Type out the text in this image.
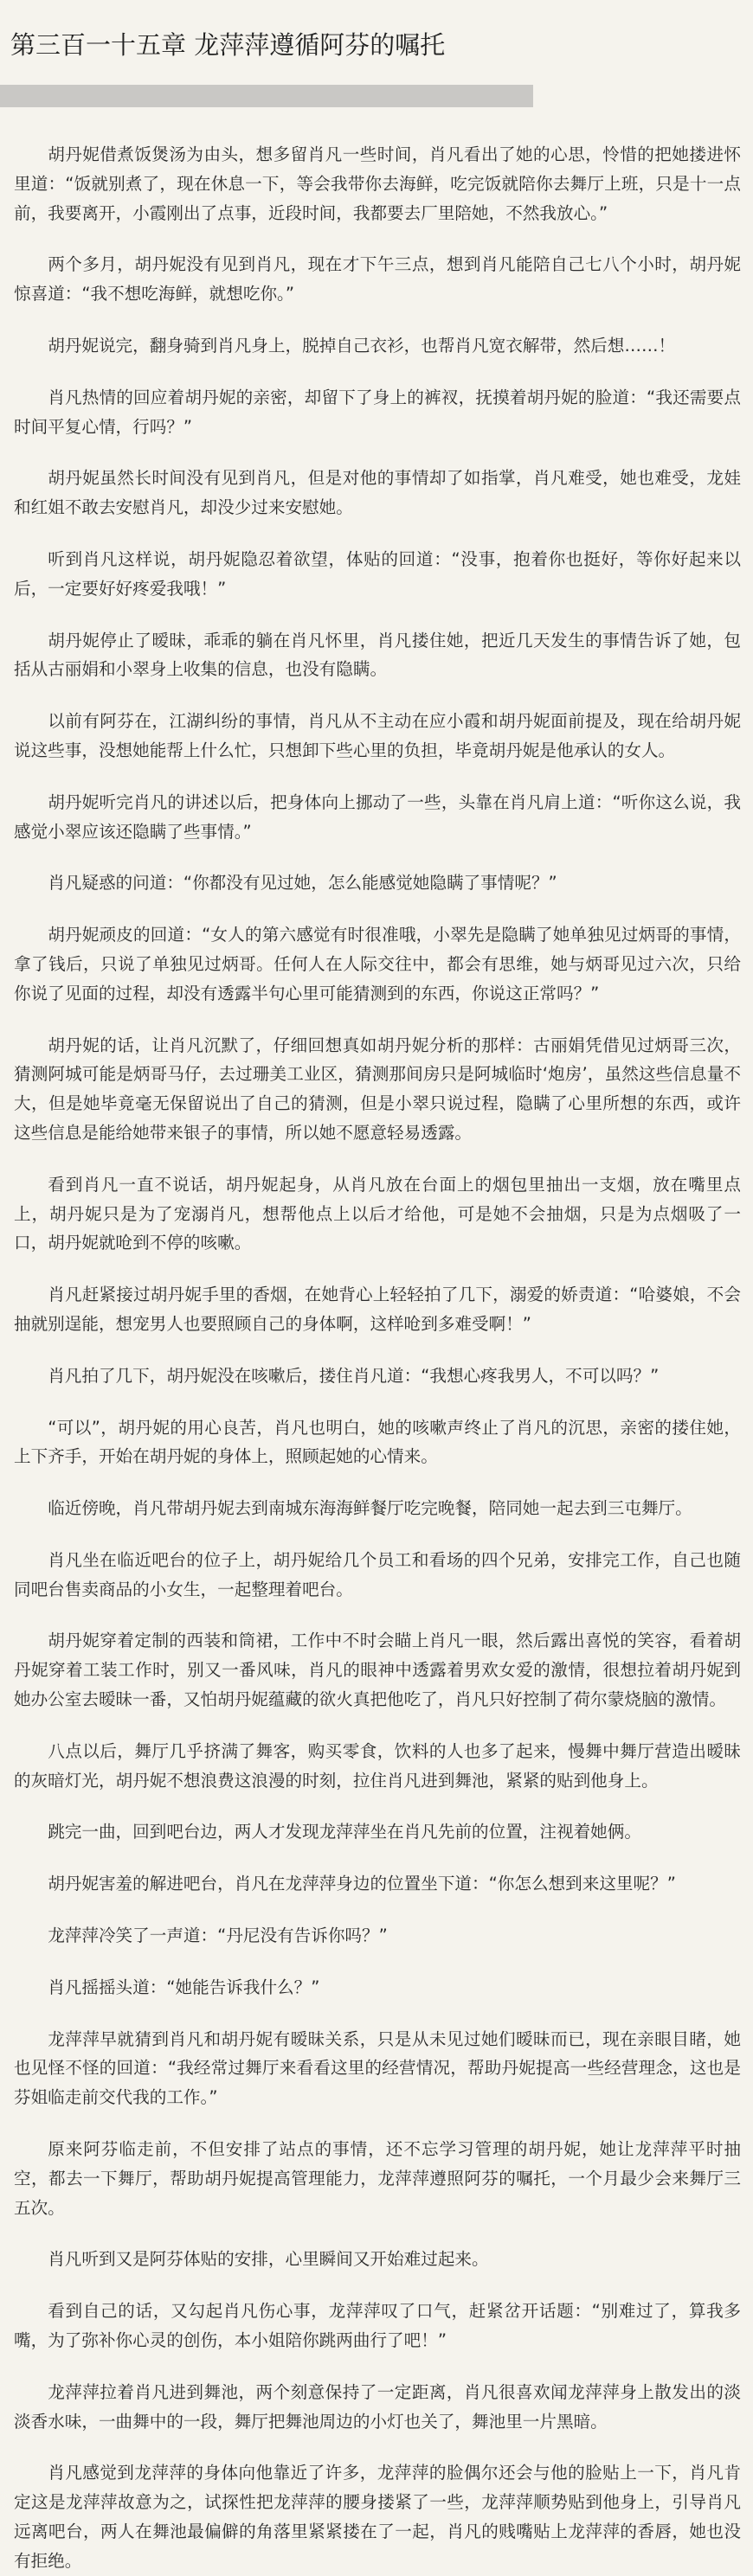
第三百一十五章 龙萍萍遵循阿芬的嘱托

胡丹妮借煮饭煲汤为由头，想多留肖凡一些时间，肖凡看出了她的心思，怜惜的把她搂进怀里道：“饭就别煮了，现在休息一下，等会我带你去海鲜，吃完饭就陪你去舞厅上班，只是十一点前，我要离开，小霞刚出了点事，近段时间，我都要去厂里陪她，不然我放心。”

两个多月，胡丹妮没有见到肖凡，现在才下午三点，想到肖凡能陪自己七八个小时，胡丹妮惊喜道：“我不想吃海鲜，就想吃你。”

胡丹妮说完，翻身骑到肖凡身上，脱掉自己衣衫，也帮肖凡宽衣解带，然后想……！

肖凡热情的回应着胡丹妮的亲密，却留下了身上的裤衩，抚摸着胡丹妮的脸道：“我还需要点时间平复心情，行吗？”

胡丹妮虽然长时间没有见到肖凡，但是对他的事情却了如指掌，肖凡难受，她也难受，龙娃和红姐不敢去安慰肖凡，却没少过来安慰她。

听到肖凡这样说，胡丹妮隐忍着欲望，体贴的回道：“没事，抱着你也挺好，等你好起来以后，一定要好好疼爱我哦！”

胡丹妮停止了暧昧，乖乖的躺在肖凡怀里，肖凡搂住她，把近几天发生的事情告诉了她，包括从古丽娟和小翠身上收集的信息，也没有隐瞒。

以前有阿芬在，江湖纠纷的事情，肖凡从不主动在应小霞和胡丹妮面前提及，现在给胡丹妮说这些事，没想她能帮上什么忙，只想卸下些心里的负担，毕竟胡丹妮是他承认的女人。

胡丹妮听完肖凡的讲述以后，把身体向上挪动了一些，头靠在肖凡肩上道：“听你这么说，我感觉小翠应该还隐瞒了些事情。”

肖凡疑惑的问道：“你都没有见过她，怎么能感觉她隐瞒了事情呢？”

胡丹妮顽皮的回道：“女人的第六感觉有时很准哦，小翠先是隐瞒了她单独见过炳哥的事情，拿了钱后，只说了单独见过炳哥。任何人在人际交往中，都会有思维，她与炳哥见过六次，只给你说了见面的过程，却没有透露半句心里可能猜测到的东西，你说这正常吗？”

胡丹妮的话，让肖凡沉默了，仔细回想真如胡丹妮分析的那样：古丽娟凭借见过炳哥三次，猜测阿城可能是炳哥马仔，去过珊美工业区，猜测那间房只是阿城临时‘炮房’，虽然这些信息量不大，但是她毕竟毫无保留说出了自己的猜测，但是小翠只说过程，隐瞒了心里所想的东西，或许这些信息是能给她带来银子的事情，所以她不愿意轻易透露。

看到肖凡一直不说话，胡丹妮起身，从肖凡放在台面上的烟包里抽出一支烟，放在嘴里点上，胡丹妮只是为了宠溺肖凡，想帮他点上以后才给他，可是她不会抽烟，只是为点烟吸了一口，胡丹妮就呛到不停的咳嗽。

肖凡赶紧接过胡丹妮手里的香烟，在她背心上轻轻拍了几下，溺爱的娇责道：“哈婆娘，不会抽就别逞能，想宠男人也要照顾自己的身体啊，这样呛到多难受啊！”

肖凡拍了几下，胡丹妮没在咳嗽后，搂住肖凡道：“我想心疼我男人，不可以吗？”

“可以”，胡丹妮的用心良苦，肖凡也明白，她的咳嗽声终止了肖凡的沉思，亲密的搂住她，上下齐手，开始在胡丹妮的身体上，照顾起她的心情来。

临近傍晚，肖凡带胡丹妮去到南城东海海鲜餐厅吃完晚餐，陪同她一起去到三屯舞厅。

肖凡坐在临近吧台的位子上，胡丹妮给几个员工和看场的四个兄弟，安排完工作，自己也随同吧台售卖商品的小女生，一起整理着吧台。

胡丹妮穿着定制的西装和筒裙，工作中不时会瞄上肖凡一眼，然后露出喜悦的笑容，看着胡丹妮穿着工装工作时，别又一番风味，肖凡的眼神中透露着男欢女爱的激情，很想拉着胡丹妮到她办公室去暧昧一番，又怕胡丹妮蕴藏的欲火真把他吃了，肖凡只好控制了荷尔蒙烧脑的激情。

八点以后，舞厅几乎挤满了舞客，购买零食，饮料的人也多了起来，慢舞中舞厅营造出暧昧的灰暗灯光，胡丹妮不想浪费这浪漫的时刻，拉住肖凡进到舞池，紧紧的贴到他身上。

跳完一曲，回到吧台边，两人才发现龙萍萍坐在肖凡先前的位置，注视着她俩。

胡丹妮害羞的解进吧台，肖凡在龙萍萍身边的位置坐下道：“你怎么想到来这里呢？”

龙萍萍冷笑了一声道：“丹尼没有告诉你吗？”

肖凡摇摇头道：“她能告诉我什么？”

龙萍萍早就猜到肖凡和胡丹妮有暧昧关系，只是从未见过她们暧昧而已，现在亲眼目睹，她也见怪不怪的回道：“我经常过舞厅来看看这里的经营情况，帮助丹妮提高一些经营理念，这也是芬姐临走前交代我的工作。”

原来阿芬临走前，不但安排了站点的事情，还不忘学习管理的胡丹妮，她让龙萍萍平时抽空，都去一下舞厅，帮助胡丹妮提高管理能力，龙萍萍遵照阿芬的嘱托，一个月最少会来舞厅三五次。

肖凡听到又是阿芬体贴的安排，心里瞬间又开始难过起来。

看到自己的话，又勾起肖凡伤心事，龙萍萍叹了口气，赶紧岔开话题：“别难过了，算我多嘴，为了弥补你心灵的创伤，本小姐陪你跳两曲行了吧！”

龙萍萍拉着肖凡进到舞池，两个刻意保持了一定距离，肖凡很喜欢闻龙萍萍身上散发出的淡淡香水味，一曲舞中的一段，舞厅把舞池周边的小灯也关了，舞池里一片黑暗。

肖凡感觉到龙萍萍的身体向他靠近了许多，龙萍萍的脸偶尔还会与他的脸贴上一下，肖凡肯定这是龙萍萍故意为之，试探性把龙萍萍的腰身搂紧了一些，龙萍萍顺势贴到他身上，引导肖凡远离吧台，两人在舞池最偏僻的角落里紧紧搂在了一起，肖凡的贱嘴贴上龙萍萍的香唇，她也没有拒绝。
